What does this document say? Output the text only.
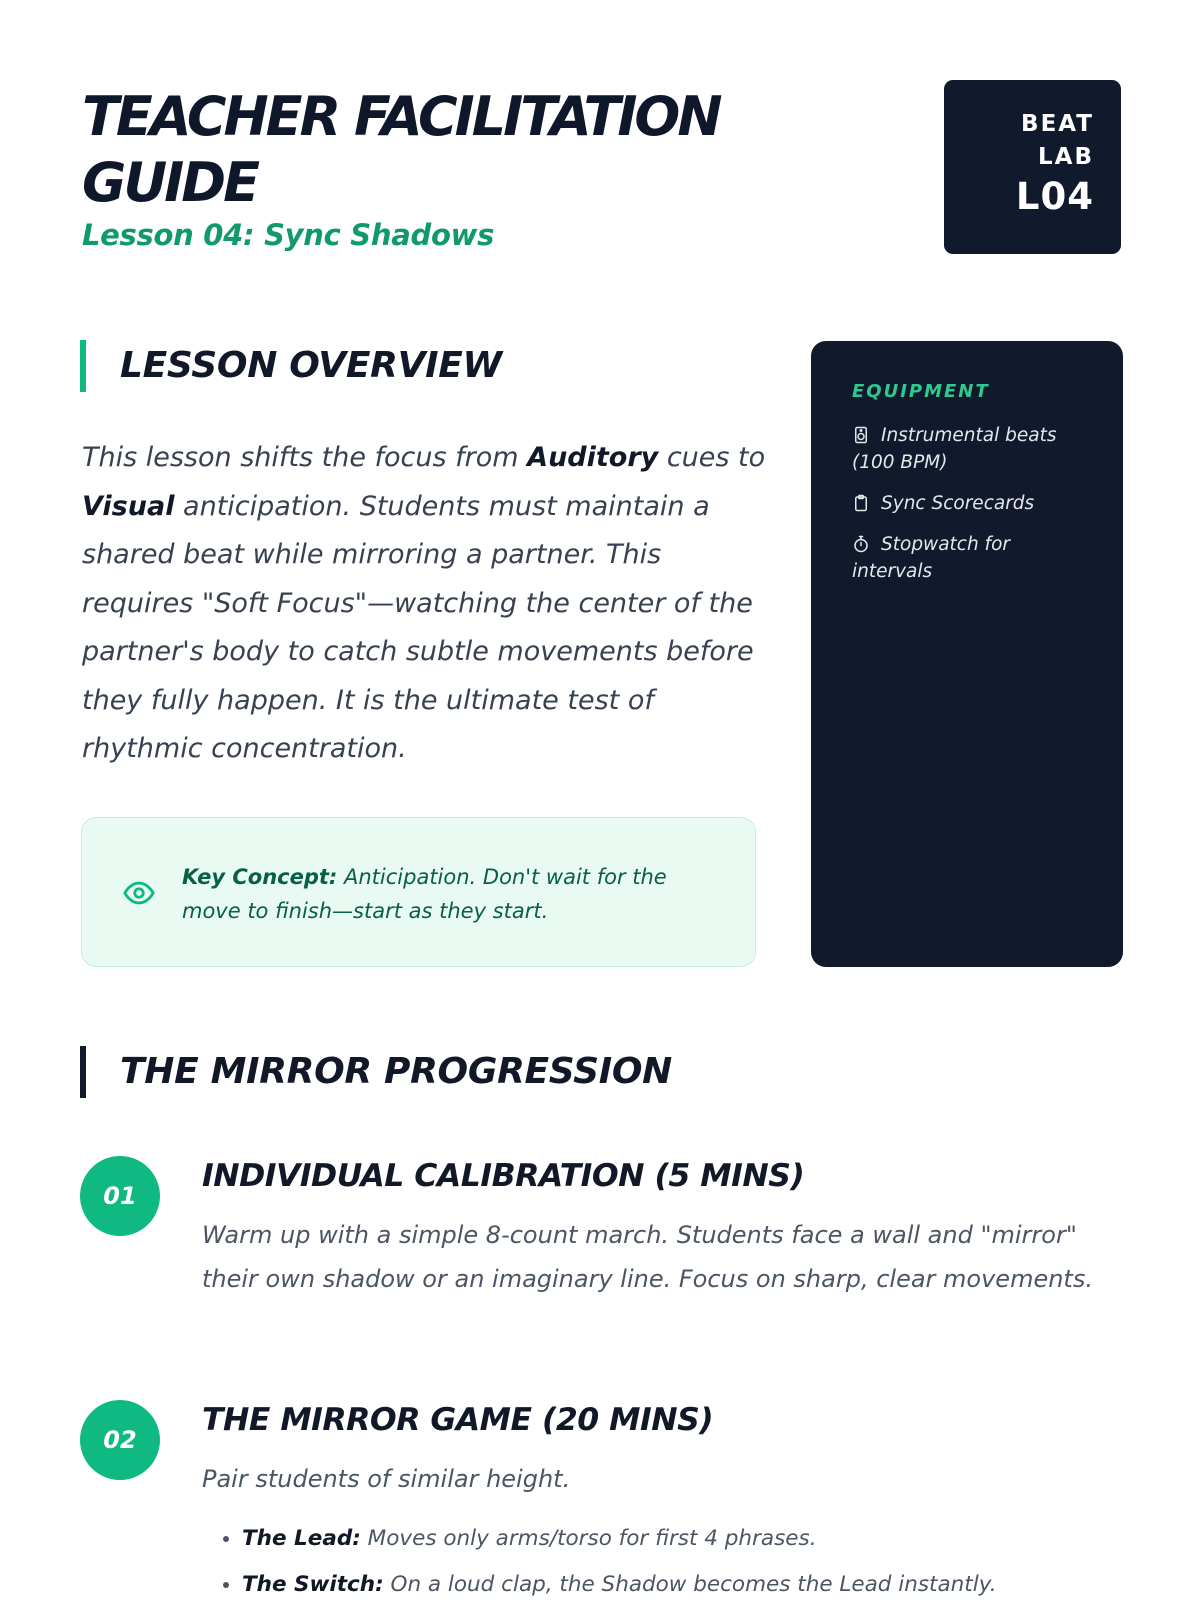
TEACHER FACILITATION
GUIDE
Lesson 04: Sync Shadows
BEAT
LAB
L04
LESSON OVERVIEW

This lesson shifts the focus from Auditory cues to Visual anticipation. Students must maintain a shared beat while mirroring a partner. This requires "Soft Focus"—watching the center of the partner's body to catch subtle movements before they fully happen. It is the ultimate test of rhythmic concentration.

Key Concept: Anticipation. Don't wait for the move to finish—start as they start.
EQUIPMENT
Instrumental beats (100 BPM)
Sync Scorecards
Stopwatch for intervals
THE MIRROR PROGRESSION
01
INDIVIDUAL CALIBRATION (5 MINS)

Warm up with a simple 8-count march. Students face a wall and "mirror" their own shadow or an imaginary line. Focus on sharp, clear movements.

02
THE MIRROR GAME (20 MINS)

Pair students of similar height.

• The Lead: Moves only arms/torso for first 4 phrases.
• The Switch: On a loud clap, the Shadow becomes the Lead instantly.
